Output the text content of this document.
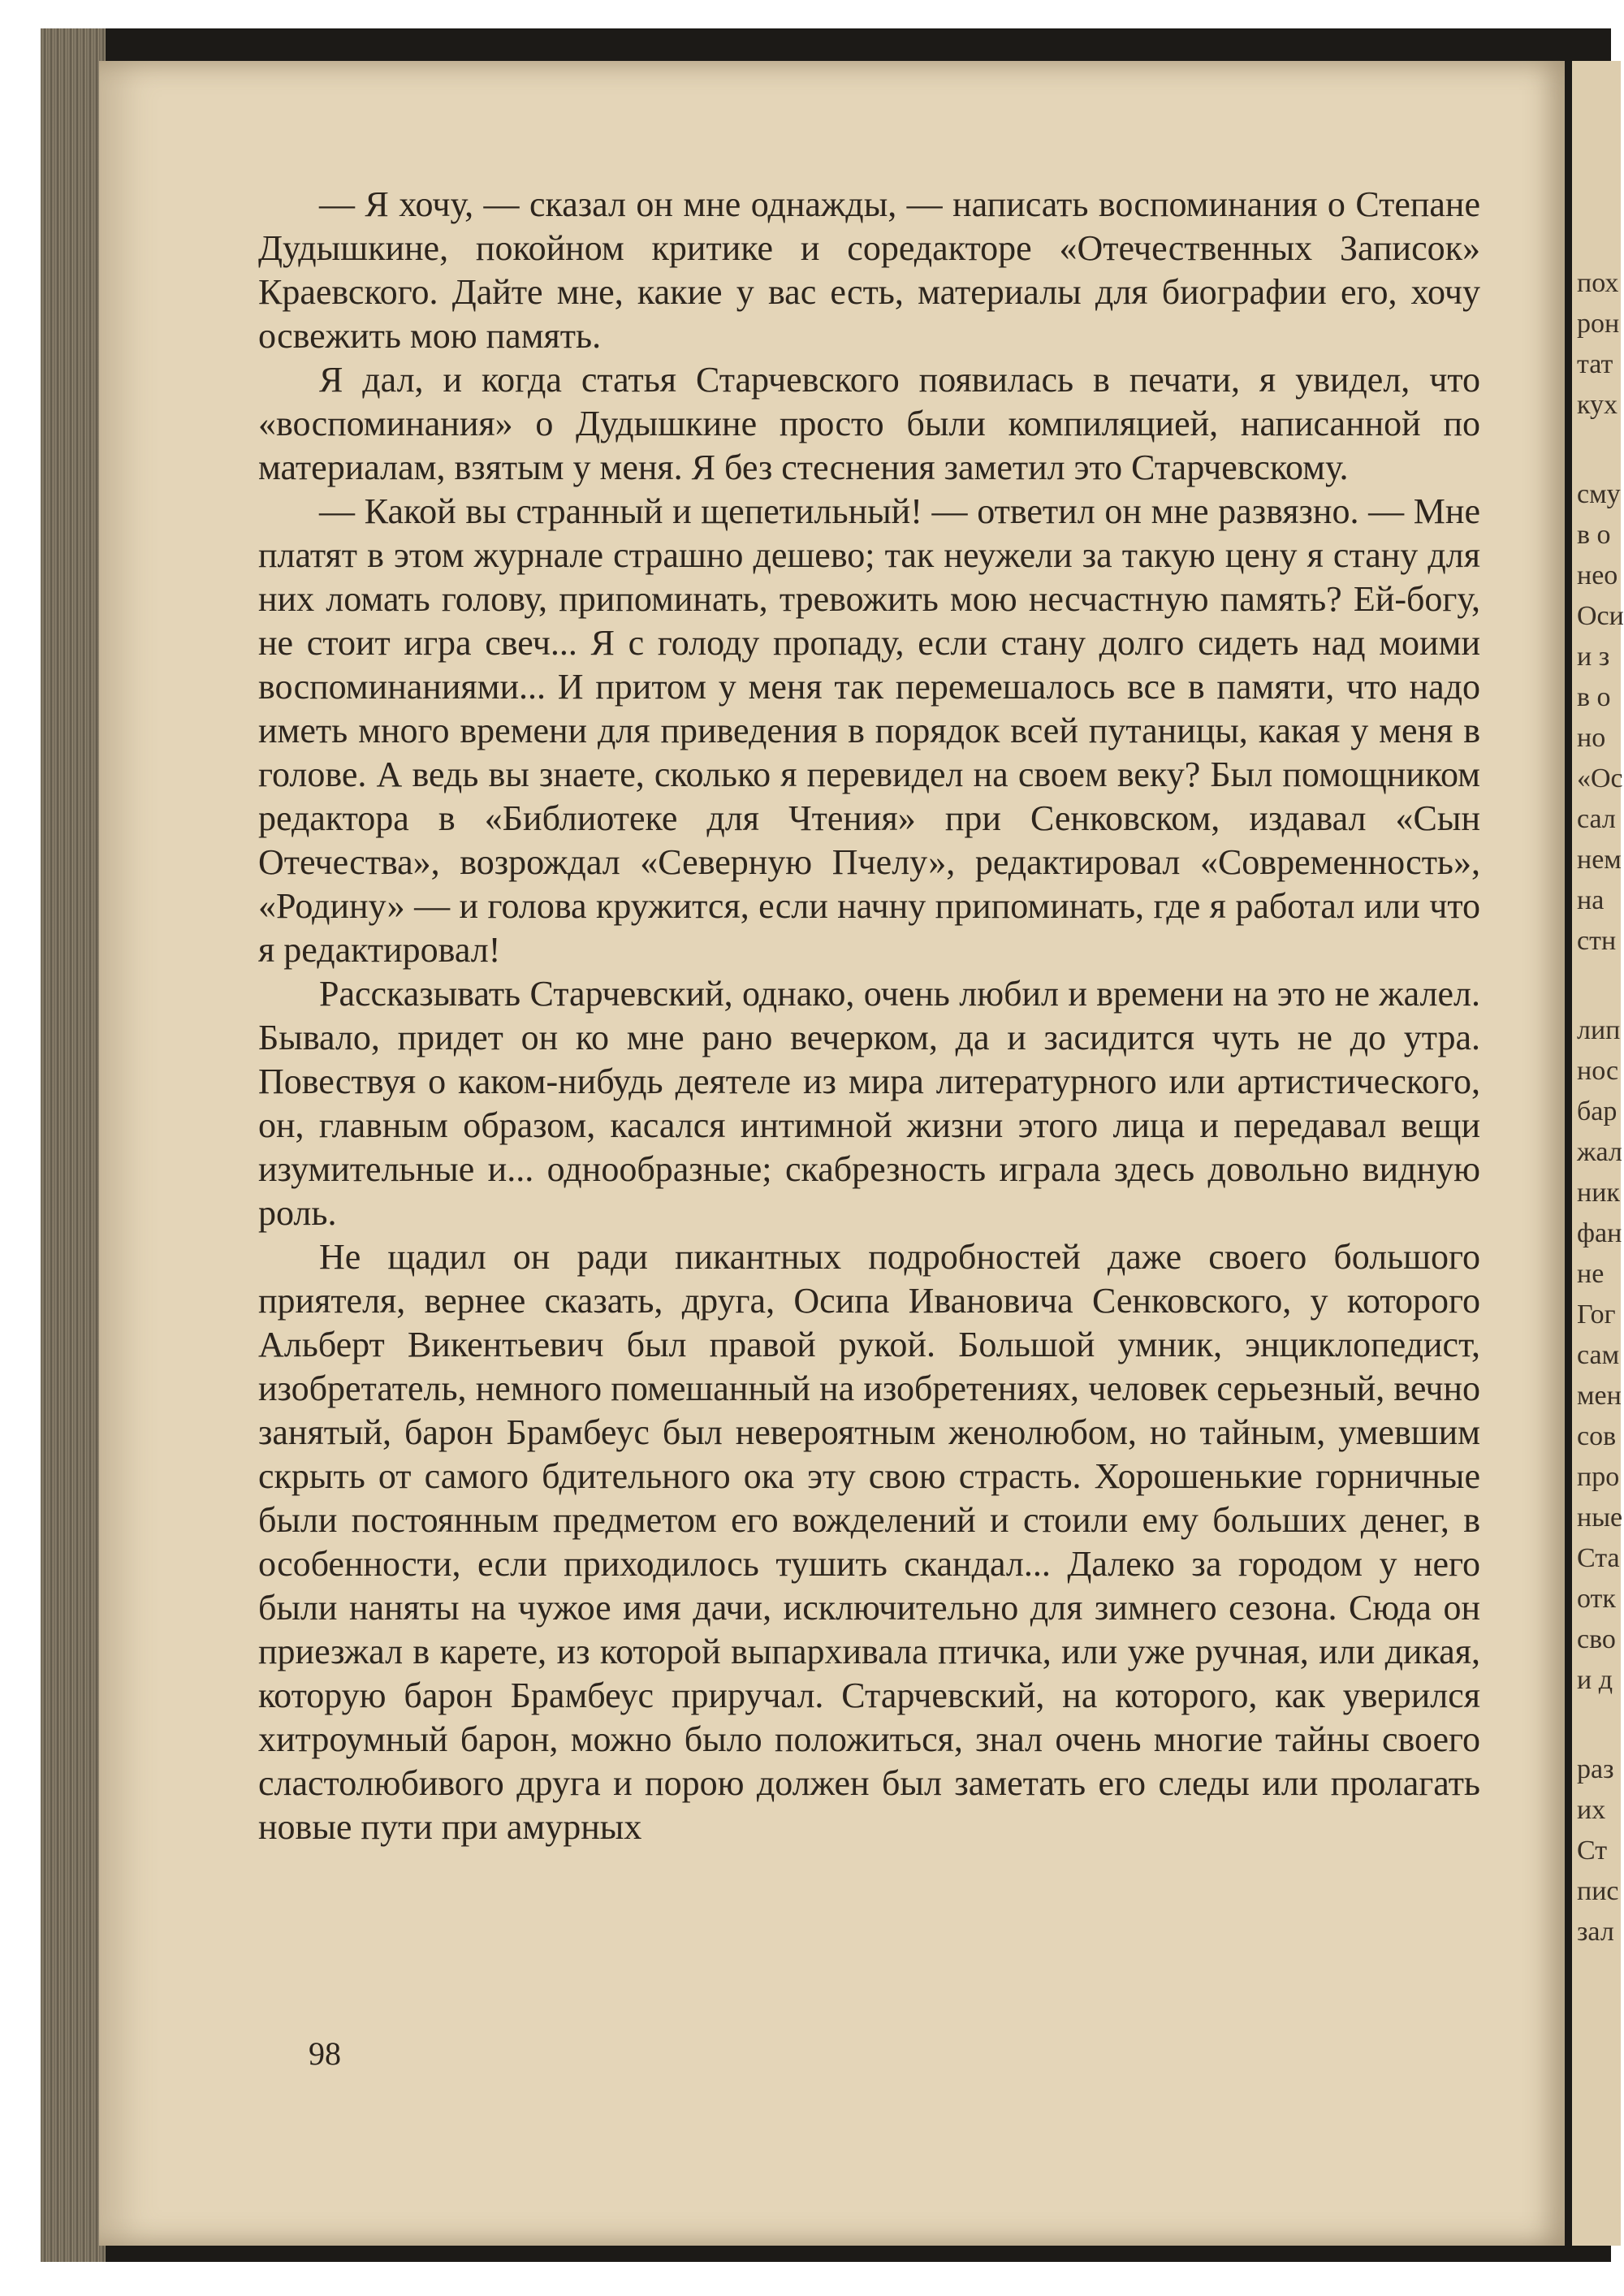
пох
рон
тат
кух
сму
в о
нео
Оси
и з
в о
но
«Ос
сал
нем
на
стн
лип
нос
бар
жал
ник
фан
не
Гог
сам
мен
сов
про
ные
Ста
отк
сво
и д
раз
их
Ст
пис
зал

— Я хочу, — сказал он мне однажды, — написать воспоминания о Степане Дудышкине, покойном критике и соредакторе «Отечественных Записок» Краевского. Дайте мне, какие у вас есть, материалы для биографии его, хочу освежить мою память.

Я дал, и когда статья Старчевского появилась в печати, я увидел, что «воспоминания» о Дудышкине просто были компиляцией, написанной по материалам, взятым у меня. Я без стеснения заметил это Старчевскому.

— Какой вы странный и щепетильный! — ответил он мне развязно. — Мне платят в этом журнале страшно дешево; так неужели за такую цену я стану для них ломать голову, припоминать, тревожить мою несчастную память? Ей-богу, не стоит игра свеч... Я с голоду пропаду, если стану долго сидеть над моими воспоминаниями... И притом у меня так перемешалось все в памяти, что надо иметь много времени для приведения в порядок всей путаницы, какая у меня в голове. А ведь вы знаете, сколько я перевидел на своем веку? Был помощником редактора в «Библиотеке для Чтения» при Сенковском, издавал «Сын Отечества», возрождал «Северную Пчелу», редактировал «Современность», «Родину» — и голова кружится, если начну припоминать, где я работал или что я редактировал!

Рассказывать Старчевский, однако, очень любил и времени на это не жалел. Бывало, придет он ко мне рано вечерком, да и засидится чуть не до утра. Повествуя о каком-нибудь деятеле из мира литературного или артистического, он, главным образом, касался интимной жизни этого лица и передавал вещи изумительные и... однообразные; скабрезность играла здесь довольно видную роль.

Не щадил он ради пикантных подробностей даже своего большого приятеля, вернее сказать, друга, Осипа Ивановича Сенковского, у которого Альберт Викентьевич был правой рукой. Большой умник, энциклопедист, изобретатель, немного помешанный на изобретениях, человек серьезный, вечно занятый, барон Брамбеус был невероятным женолюбом, но тайным, умевшим скрыть от самого бдительного ока эту свою страсть. Хорошенькие горничные были постоянным предметом его вожделений и стоили ему больших денег, в особенности, если приходилось тушить скандал... Далеко за городом у него были наняты на чужое имя дачи, исключительно для зимнего сезона. Сюда он приезжал в карете, из которой выпархивала птичка, или уже ручная, или дикая, которую барон Брамбеус приручал. Старчевский, на которого, как уверился хитроумный барон, можно было положиться, знал очень многие тайны своего сластолюбивого друга и порою должен был заметать его следы или пролагать новые пути при амурных

98
